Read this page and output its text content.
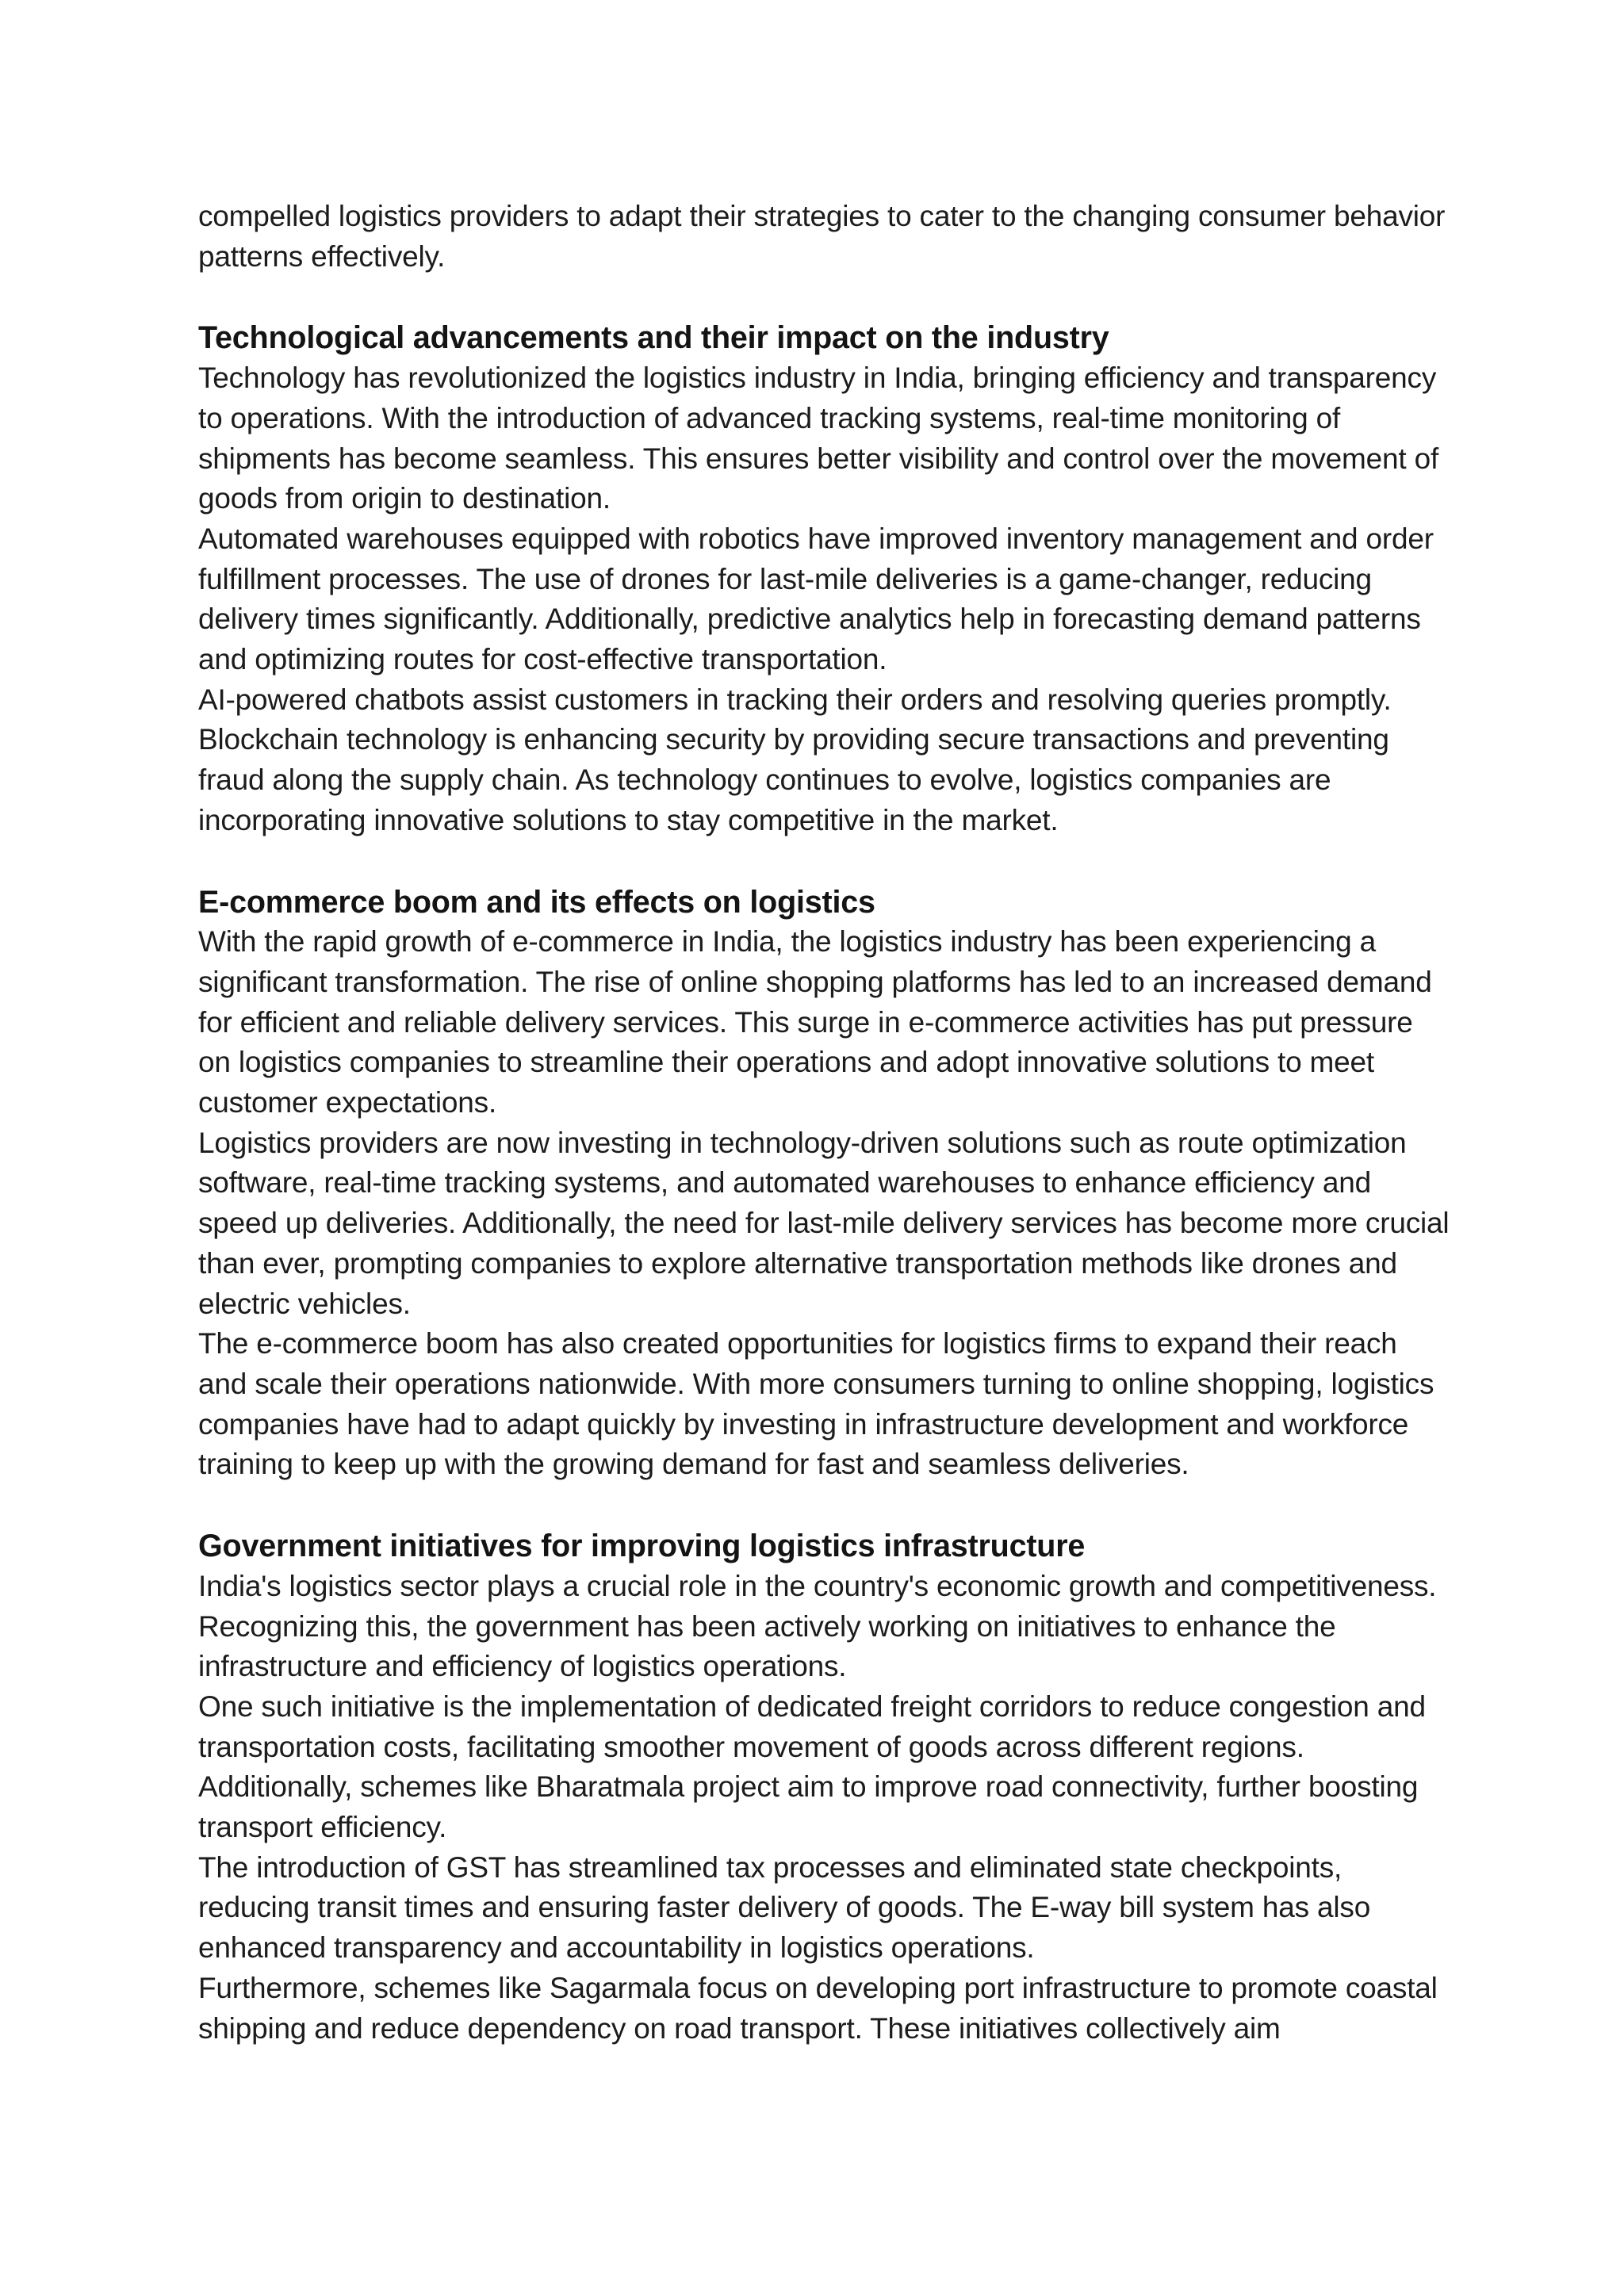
compelled logistics providers to adapt their strategies to cater to the changing consumer behavior patterns effectively.

Technological advancements and their impact on the industry

Technology has revolutionized the logistics industry in India, bringing efficiency and transparency to operations. With the introduction of advanced tracking systems, real-time monitoring of shipments has become seamless. This ensures better visibility and control over the movement of goods from origin to destination.

Automated warehouses equipped with robotics have improved inventory management and order fulfillment processes. The use of drones for last-mile deliveries is a game-changer, reducing delivery times significantly. Additionally, predictive analytics help in forecasting demand patterns and optimizing routes for cost-effective transportation.

AI-powered chatbots assist customers in tracking their orders and resolving queries promptly. Blockchain technology is enhancing security by providing secure transactions and preventing fraud along the supply chain. As technology continues to evolve, logistics companies are incorporating innovative solutions to stay competitive in the market.

E-commerce boom and its effects on logistics

With the rapid growth of e-commerce in India, the logistics industry has been experiencing a significant transformation. The rise of online shopping platforms has led to an increased demand for efficient and reliable delivery services. This surge in e-commerce activities has put pressure on logistics companies to streamline their operations and adopt innovative solutions to meet customer expectations.

Logistics providers are now investing in technology-driven solutions such as route optimization software, real-time tracking systems, and automated warehouses to enhance efficiency and speed up deliveries. Additionally, the need for last-mile delivery services has become more crucial than ever, prompting companies to explore alternative transportation methods like drones and electric vehicles.

The e-commerce boom has also created opportunities for logistics firms to expand their reach and scale their operations nationwide. With more consumers turning to online shopping, logistics companies have had to adapt quickly by investing in infrastructure development and workforce training to keep up with the growing demand for fast and seamless deliveries.

Government initiatives for improving logistics infrastructure

India's logistics sector plays a crucial role in the country's economic growth and competitiveness. Recognizing this, the government has been actively working on initiatives to enhance the infrastructure and efficiency of logistics operations.

One such initiative is the implementation of dedicated freight corridors to reduce congestion and transportation costs, facilitating smoother movement of goods across different regions. Additionally, schemes like Bharatmala project aim to improve road connectivity, further boosting transport efficiency.

The introduction of GST has streamlined tax processes and eliminated state checkpoints, reducing transit times and ensuring faster delivery of goods. The E-way bill system has also enhanced transparency and accountability in logistics operations.

Furthermore, schemes like Sagarmala focus on developing port infrastructure to promote coastal shipping and reduce dependency on road transport. These initiatives collectively aim
